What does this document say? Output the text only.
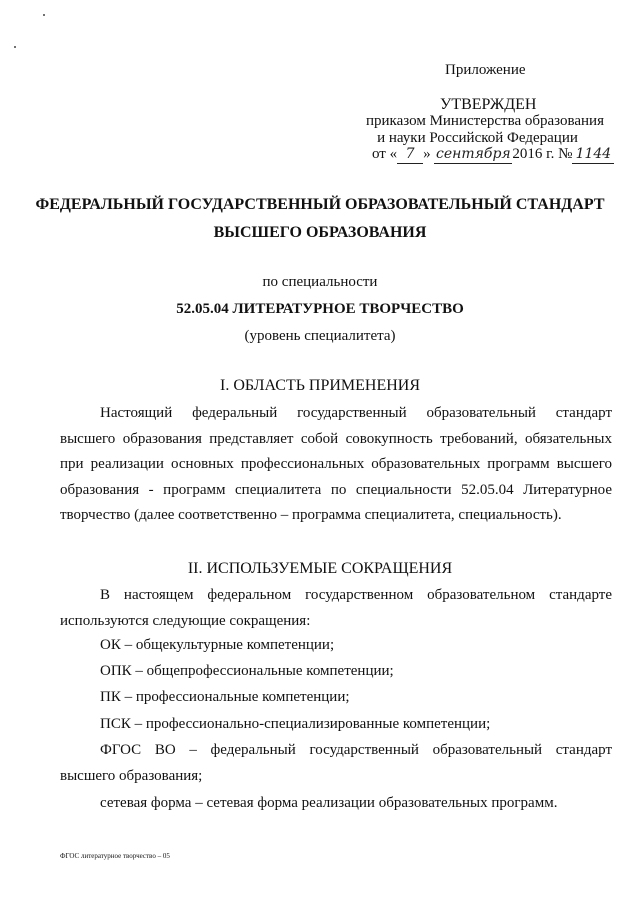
Приложение
УТВЕРЖДЕН
приказом Министерства образования
и науки Российской Федерации
от « 7 » сентября 2016 г. № 1144
ФЕДЕРАЛЬНЫЙ ГОСУДАРСТВЕННЫЙ ОБРАЗОВАТЕЛЬНЫЙ СТАНДАРТ
ВЫСШЕГО ОБРАЗОВАНИЯ
по специальности
52.05.04 ЛИТЕРАТУРНОЕ ТВОРЧЕСТВО
(уровень специалитета)
I. ОБЛАСТЬ ПРИМЕНЕНИЯ
Настоящий федеральный государственный образовательный стандарт
высшего образования представляет собой совокупность требований, обязательных
при реализации основных профессиональных образовательных программ высшего
образования - программ специалитета по специальности 52.05.04 Литературное
творчество (далее соответственно – программа специалитета, специальность).
II. ИСПОЛЬЗУЕМЫЕ СОКРАЩЕНИЯ
В настоящем федеральном государственном образовательном стандарте
используются следующие сокращения:
ОК – общекультурные компетенции;
ОПК – общепрофессиональные компетенции;
ПК – профессиональные компетенции;
ПСК – профессионально-специализированные компетенции;
ФГОС ВО – федеральный государственный образовательный стандарт
высшего образования;
сетевая форма – сетевая форма реализации образовательных программ.
ФГОС литературное творчество – 05
